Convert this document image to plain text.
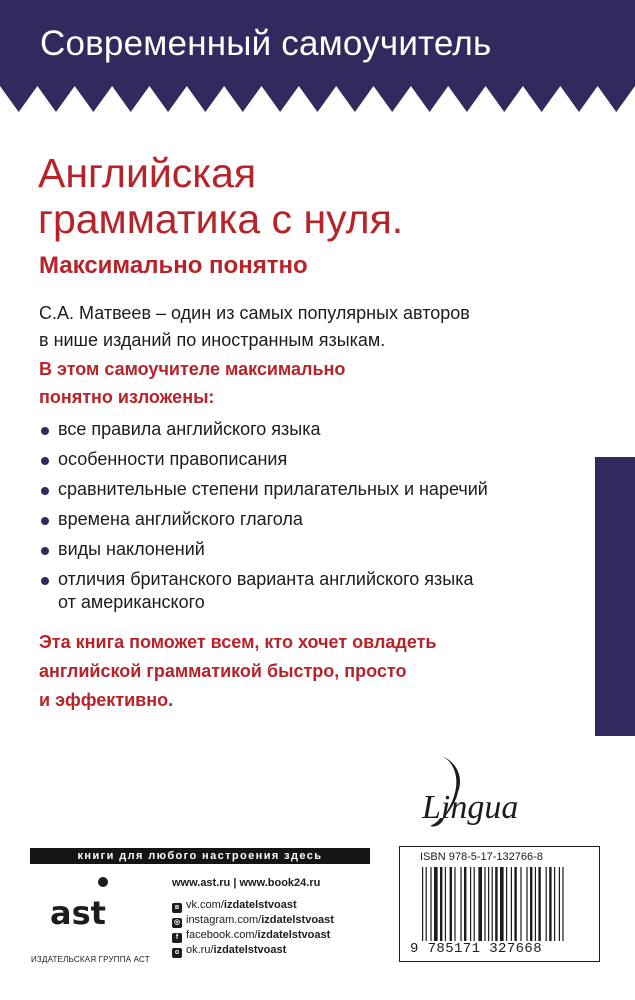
Современный самоучитель
Английская
грамматика с нуля.
Максимально понятно

С.А. Матвеев – один из самых популярных авторов
в нише изданий по иностранным языкам.

В этом самоучителе максимально
понятно изложены:

все правила английского языка
особенности правописания
сравнительные степени прилагательных и наречий
времена английского глагола
виды наклонений
отличия британского варианта английского языка
от американского

Эта книга поможет всем, кто хочет овладеть
английской грамматикой быстро, просто
и эффективно.

Lingua
книги для любого настроения здесь
ast
ИЗДАТЕЛЬСКАЯ ГРУППА АСТ
www.ast.ru | www.book24.ru
в vk.com/izdatelstvoast
◎ instagram.com/izdatelstvoast
f facebook.com/izdatelstvoast
о ok.ru/izdatelstvoast
ISBN 978-5-17-132766-8
9 785171 327668
